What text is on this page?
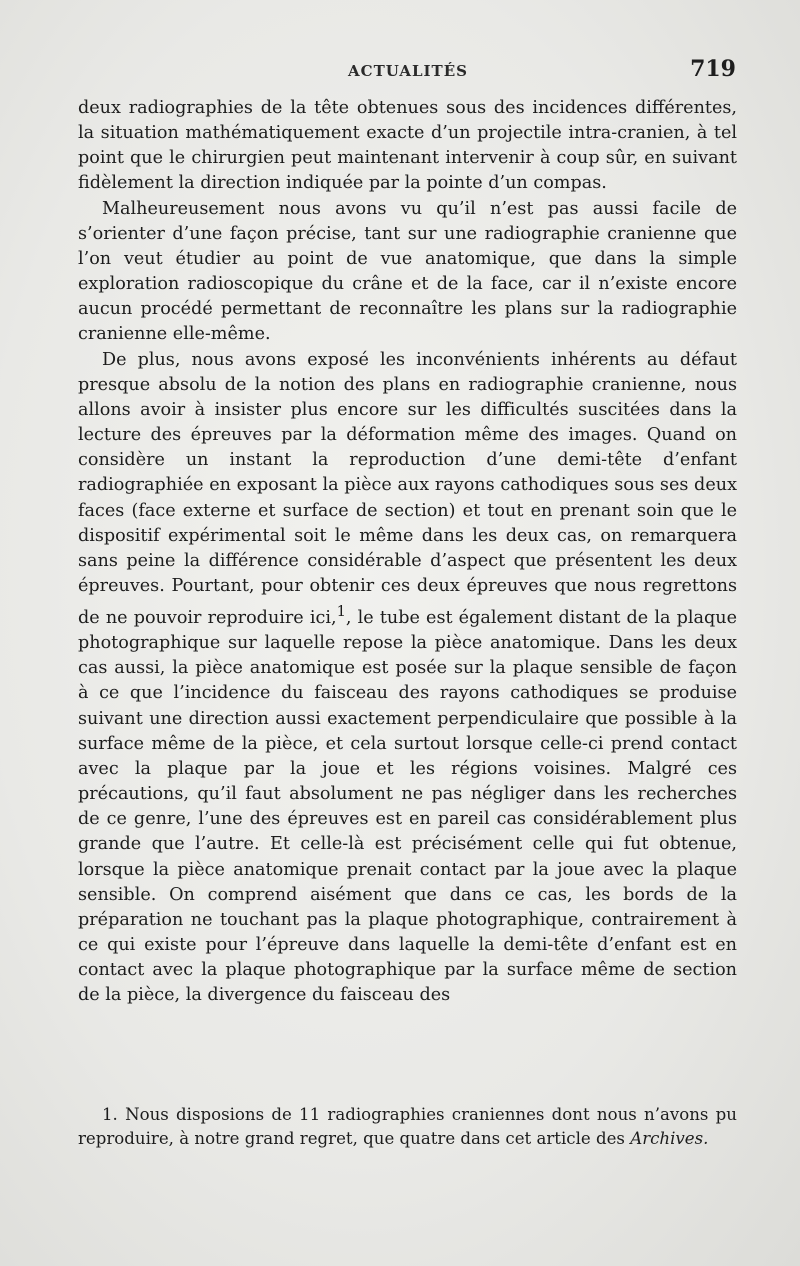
ACTUALITÉS	719

deux radiographies de la tête obtenues sous des incidences différentes, la situation mathématiquement exacte d’un projectile intra-cranien, à tel point que le chirurgien peut maintenant intervenir à coup sûr, en suivant fidèlement la direction indiquée par la pointe d’un compas.

Malheureusement nous avons vu qu’il n’est pas aussi facile de s’orienter d’une façon précise, tant sur une radiographie cranienne que l’on veut étudier au point de vue anatomique, que dans la simple exploration radioscopique du crâne et de la face, car il n’existe encore aucun procédé permettant de reconnaître les plans sur la radiographie cranienne elle-même.

De plus, nous avons exposé les inconvénients inhérents au défaut presque absolu de la notion des plans en radiographie cranienne, nous allons avoir à insister plus encore sur les difficultés suscitées dans la lecture des épreuves par la déformation même des images. Quand on considère un instant la reproduction d’une demi-tête d’enfant radiographiée en exposant la pièce aux rayons cathodiques sous ses deux faces (face externe et surface de section) et tout en prenant soin que le dispositif expérimental soit le même dans les deux cas, on remarquera sans peine la différence considérable d’aspect que présentent les deux épreuves. Pourtant, pour obtenir ces deux épreuves que nous regrettons de ne pouvoir reproduire ici,$^1$, le tube est également distant de la plaque photographique sur laquelle repose la pièce anatomique. Dans les deux cas aussi, la pièce anatomique est posée sur la plaque sensible de façon à ce que l’incidence du faisceau des rayons cathodiques se produise suivant une direction aussi exactement perpendiculaire que possible à la surface même de la pièce, et cela surtout lorsque celle-ci prend contact avec la plaque par la joue et les régions voisines. Malgré ces précautions, qu’il faut absolument ne pas négliger dans les recherches de ce genre, l’une des épreuves est en pareil cas considérablement plus grande que l’autre. Et celle-là est précisément celle qui fut obtenue, lorsque la pièce anatomique prenait contact par la joue avec la plaque sensible. On comprend aisément que dans ce cas, les bords de la préparation ne touchant pas la plaque photographique, contrairement à ce qui existe pour l’épreuve dans laquelle la demi-tête d’enfant est en contact avec la plaque photographique par la surface même de section de la pièce, la divergence du faisceau des

1. Nous disposions de 11 radiographies craniennes dont nous n’avons pu reproduire, à notre grand regret, que quatre dans cet article des Archives.
